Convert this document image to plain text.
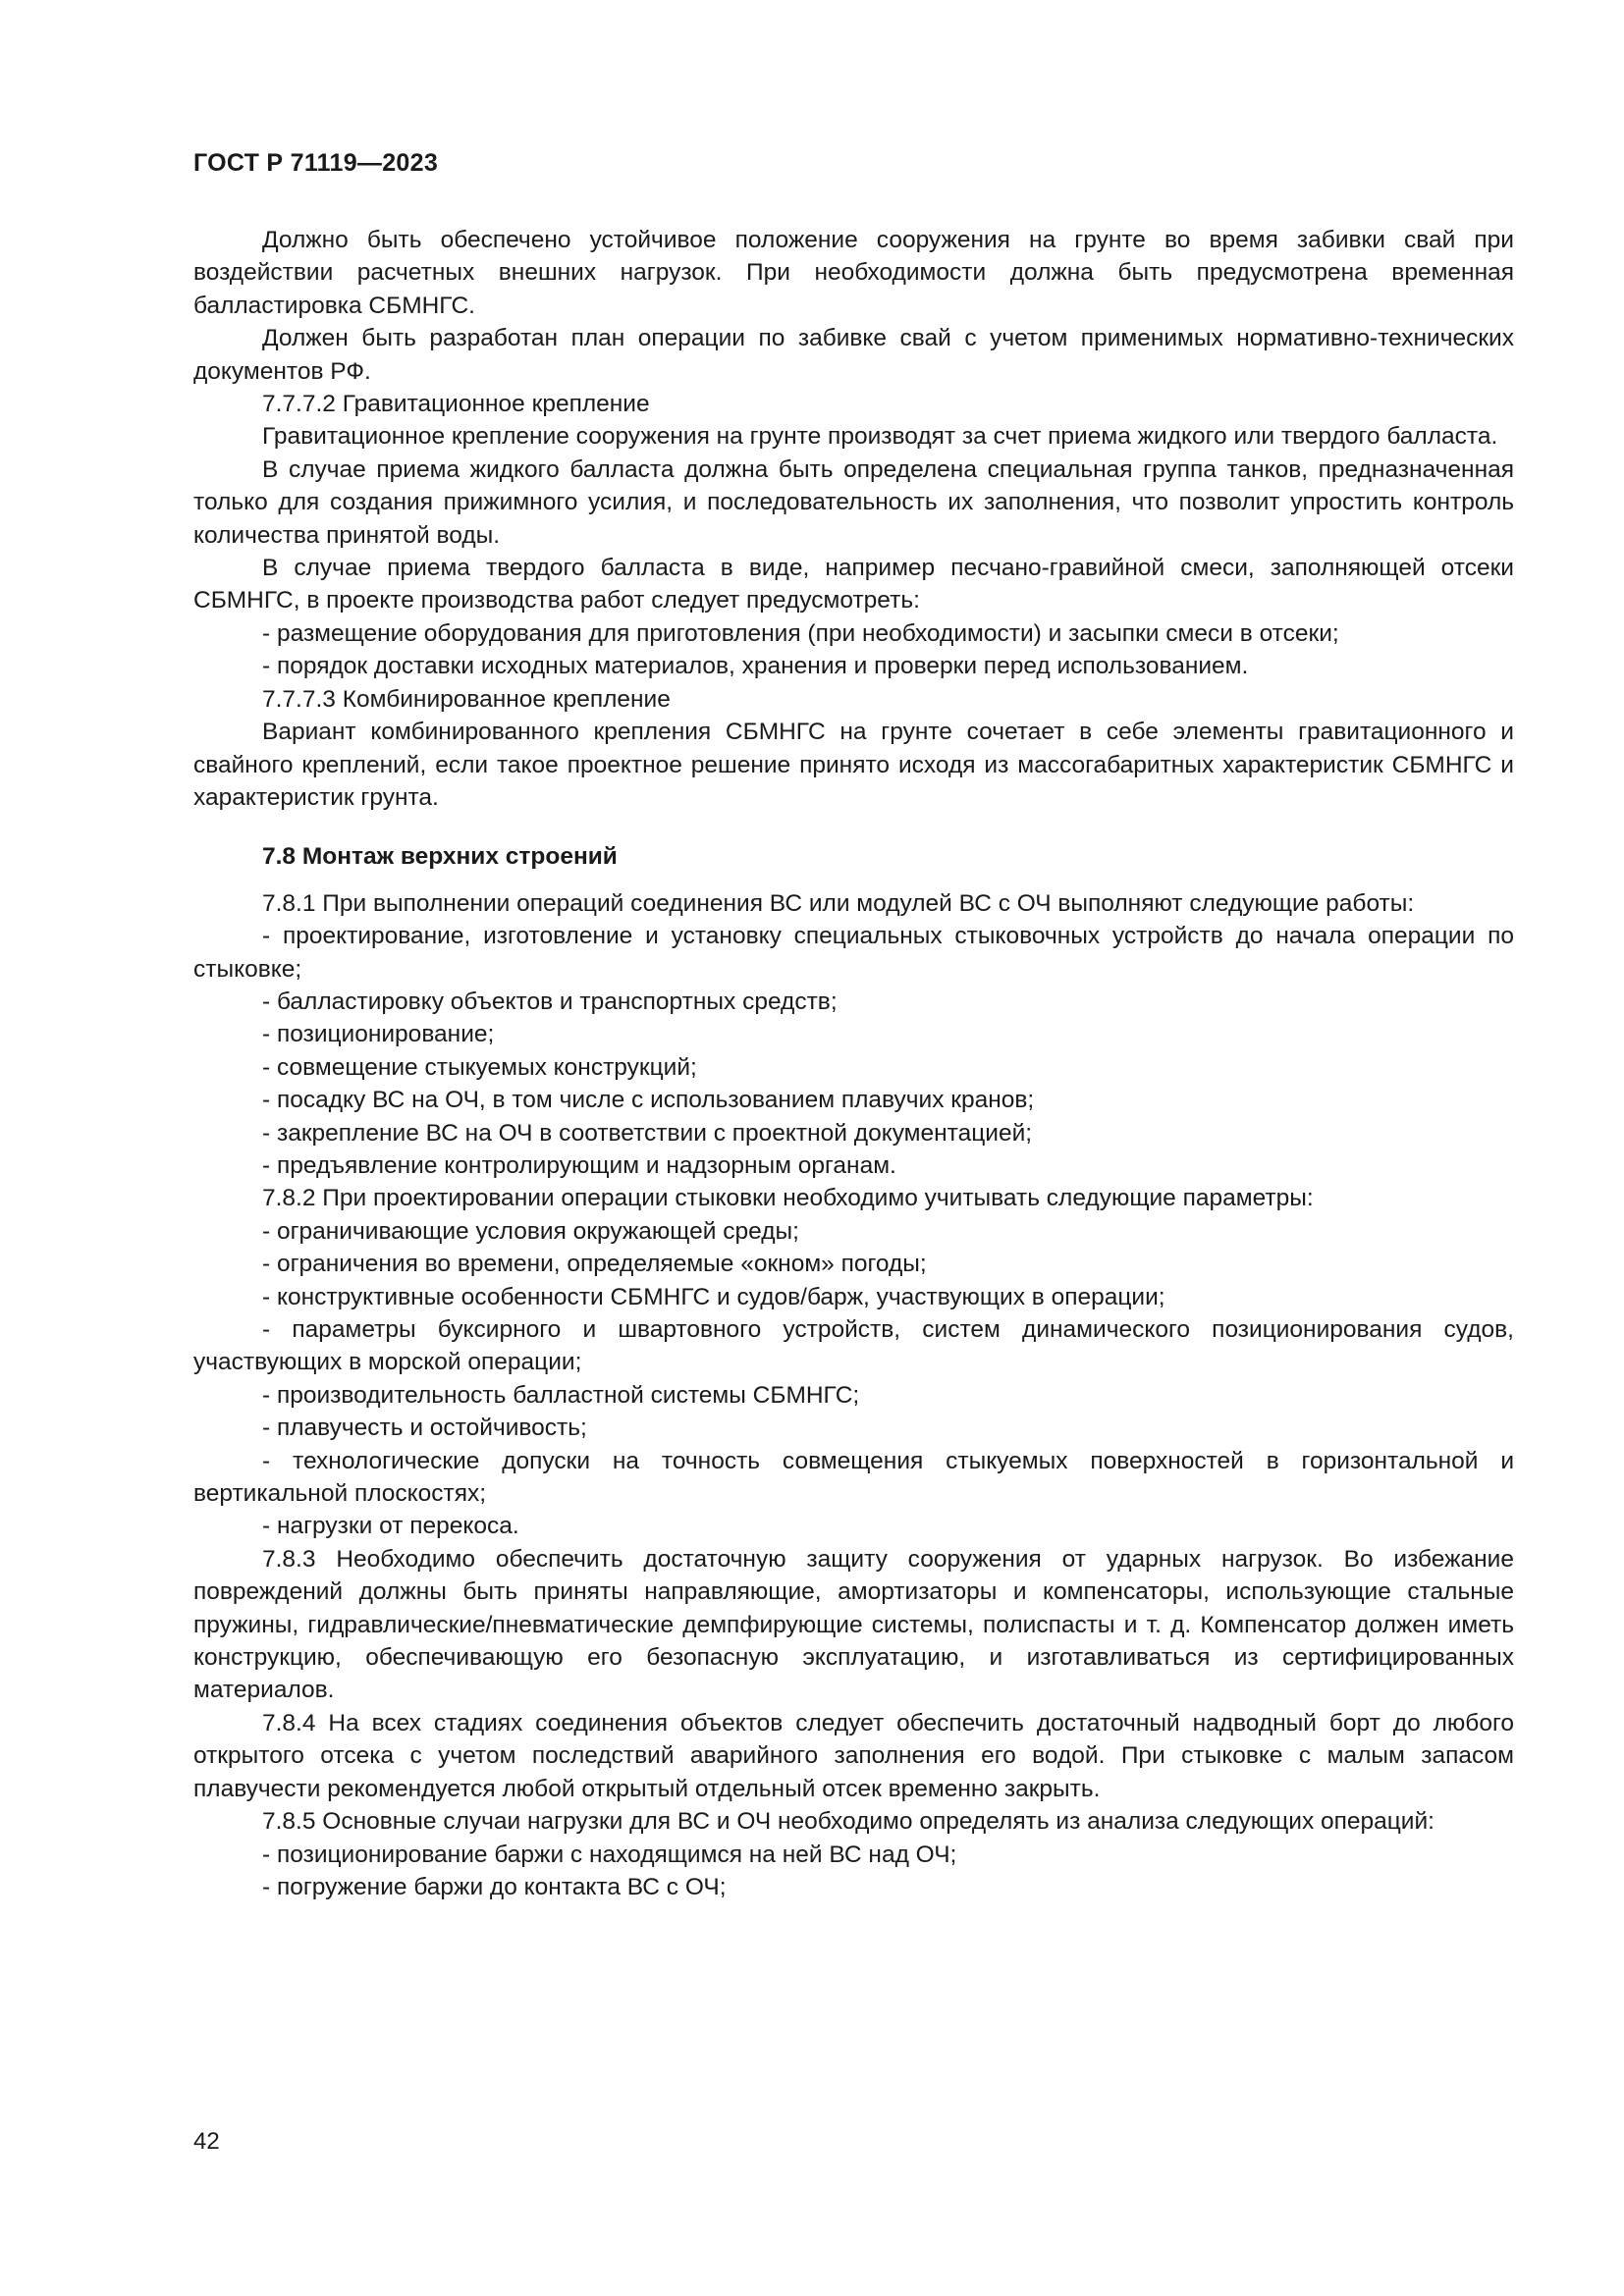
ГОСТ Р 71119—2023

Должно быть обеспечено устойчивое положение сооружения на грунте во время забивки свай при воздействии расчетных внешних нагрузок. При необходимости должна быть предусмотрена временная балластировка СБМНГС.

Должен быть разработан план операции по забивке свай с учетом применимых нормативно-технических документов РФ.

7.7.7.2 Гравитационное крепление

Гравитационное крепление сооружения на грунте производят за счет приема жидкого или твердого балласта.

В случае приема жидкого балласта должна быть определена специальная группа танков, предназначенная только для создания прижимного усилия, и последовательность их заполнения, что позволит упростить контроль количества принятой воды.

В случае приема твердого балласта в виде, например песчано-гравийной смеси, заполняющей отсеки СБМНГС, в проекте производства работ следует предусмотреть:

- размещение оборудования для приготовления (при необходимости) и засыпки смеси в отсеки;

- порядок доставки исходных материалов, хранения и проверки перед использованием.

7.7.7.3 Комбинированное крепление

Вариант комбинированного крепления СБМНГС на грунте сочетает в себе элементы гравитационного и свайного креплений, если такое проектное решение принято исходя из массогабаритных характеристик СБМНГС и характеристик грунта.

7.8 Монтаж верхних строений

7.8.1 При выполнении операций соединения ВС или модулей ВС с ОЧ выполняют следующие работы:

- проектирование, изготовление и установку специальных стыковочных устройств до начала операции по стыковке;

- балластировку объектов и транспортных средств;

- позиционирование;

- совмещение стыкуемых конструкций;

- посадку ВС на ОЧ, в том числе с использованием плавучих кранов;

- закрепление ВС на ОЧ в соответствии с проектной документацией;

- предъявление контролирующим и надзорным органам.

7.8.2 При проектировании операции стыковки необходимо учитывать следующие параметры:

- ограничивающие условия окружающей среды;

- ограничения во времени, определяемые «окном» погоды;

- конструктивные особенности СБМНГС и судов/барж, участвующих в операции;

- параметры буксирного и швартовного устройств, систем динамического позиционирования судов, участвующих в морской операции;

- производительность балластной системы СБМНГС;

- плавучесть и остойчивость;

- технологические допуски на точность совмещения стыкуемых поверхностей в горизонтальной и вертикальной плоскостях;

- нагрузки от перекоса.

7.8.3 Необходимо обеспечить достаточную защиту сооружения от ударных нагрузок. Во избежание повреждений должны быть приняты направляющие, амортизаторы и компенсаторы, использующие стальные пружины, гидравлические/пневматические демпфирующие системы, полиспасты и т. д. Компенсатор должен иметь конструкцию, обеспечивающую его безопасную эксплуатацию, и изготавливаться из сертифицированных материалов.

7.8.4 На всех стадиях соединения объектов следует обеспечить достаточный надводный борт до любого открытого отсека с учетом последствий аварийного заполнения его водой. При стыковке с малым запасом плавучести рекомендуется любой открытый отдельный отсек временно закрыть.

7.8.5 Основные случаи нагрузки для ВС и ОЧ необходимо определять из анализа следующих операций:

- позиционирование баржи с находящимся на ней ВС над ОЧ;

- погружение баржи до контакта ВС с ОЧ;

42
